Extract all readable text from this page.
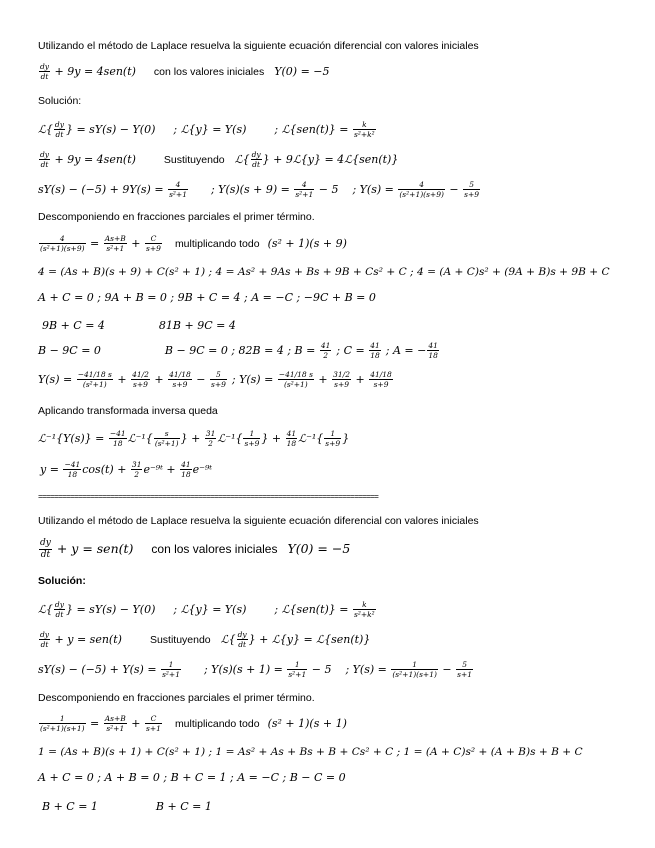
Utilizando el método de Laplace resuelva la siguiente ecuación diferencial con valores iniciales
$\frac{dy}{dt} + 9y = 4sen(t)$ con los valores iniciales Y(0) = −5
Solución:
ℒ{ $\frac{dy}{dt}$ } = sY(s) − Y(0) ; ℒ{y} = Y(s)	; ℒ{sen(t)} = $\frac{k}{\text{s²+k²}}$
$\frac{dy}{dt} + 9y = 4sen(t)$	Sustituyendo ℒ{ $\frac{dy}{dt}$ } + 9ℒ{y} = 4ℒ{sen(t)}
$sY(s) - (-5) + 9Y(s) = \frac{4}{\text{s²+1}}$ ; $Y(s)(s + 9) = \frac{4}{\text{s²+1}} - 5$ ; $Y(s) = \frac{4}{\text{(s²+1)(s+9)}} - \frac{5}{s+9}$
Descomponiendo en fracciones parciales el primer término.
$\frac{4}{\text{(s²+1)(s+9)}} = \frac{As+B}{\text{s²+1}} + \frac{C}{s+9}$ multiplicando todo (s² + 1)(s + 9)
4 = (As + B)(s + 9) + C(s² + 1) ; 4 = As² + 9As + Bs + 9B + Cs² + C ; 4 = (A + C)s² + (9A + B)s + 9B + C
A + C = 0 ; 9A + B = 0 ; 9B + C = 4 ; A = −C ; −9C + B = 0
9B + C = 4	81B + 9C = 4
B − 9C = 0	B − 9C = 0 ; 82B = 4 ; $B = \frac{41}{2}$ ; $C = \frac{41}{18}$ ; A = − $\frac{41}{18}$
$Y(s) = \frac{-41/18 s}{\text{(s²+1)}} + \frac{41/2}{s+9} + \frac{41/18}{s+9} - \frac{5}{s+9}$ ; $Y(s) = \frac{-41/18 s}{\text{(s²+1)}} + \frac{31/2}{s+9} + \frac{41/18}{s+9}$
Aplicando transformada inversa queda
ℒ⁻¹{Y(s)} = $\frac{-41}{18}$ ℒ⁻¹{ $\frac{s}{\text{(s²+1)}}$ } + $\frac{31}{2}$ ℒ⁻¹{ $\frac{1}{s+9}$ } + $\frac{41}{18}$ ℒ⁻¹{ $\frac{1}{s+9}$ }
$y = \frac{-41}{18} \cos(t) + \frac{31}{2}$ e⁻⁹ᵗ + $\frac{41}{18}$ e⁻⁹ᵗ
=====================================================================================
Utilizando el método de Laplace resuelva la siguiente ecuación diferencial con valores iniciales
$\frac{dy}{dt} + y = sen(t)$ con los valores iniciales Y(0) = −5
Solución:
ℒ{ $\frac{dy}{dt}$ } = sY(s) − Y(0) ; ℒ{y} = Y(s)	; ℒ{sen(t)} = $\frac{k}{\text{s²+k²}}$
$\frac{dy}{dt} + y = sen(t)$	Sustituyendo ℒ{ $\frac{dy}{dt}$ } + ℒ{y} = ℒ{sen(t)}
$sY(s) - (-5) + Y(s) = \frac{1}{\text{s²+1}}$ ; $Y(s)(s + 1) = \frac{1}{\text{s²+1}} - 5$ ; $Y(s) = \frac{1}{\text{(s²+1)(s+1)}} - \frac{5}{s+1}$
Descomponiendo en fracciones parciales el primer término.
$\frac{1}{\text{(s²+1)(s+1)}} = \frac{As+B}{\text{s²+1}} + \frac{C}{s+1}$ multiplicando todo (s² + 1)(s + 1)
1 = (As + B)(s + 1) + C(s² + 1) ; 1 = As² + As + Bs + B + Cs² + C ; 1 = (A + C)s² + (A + B)s + B + C
A + C = 0 ; A + B = 0 ; B + C = 1 ; A = −C ; B − C = 0
B + C = 1	B + C = 1
